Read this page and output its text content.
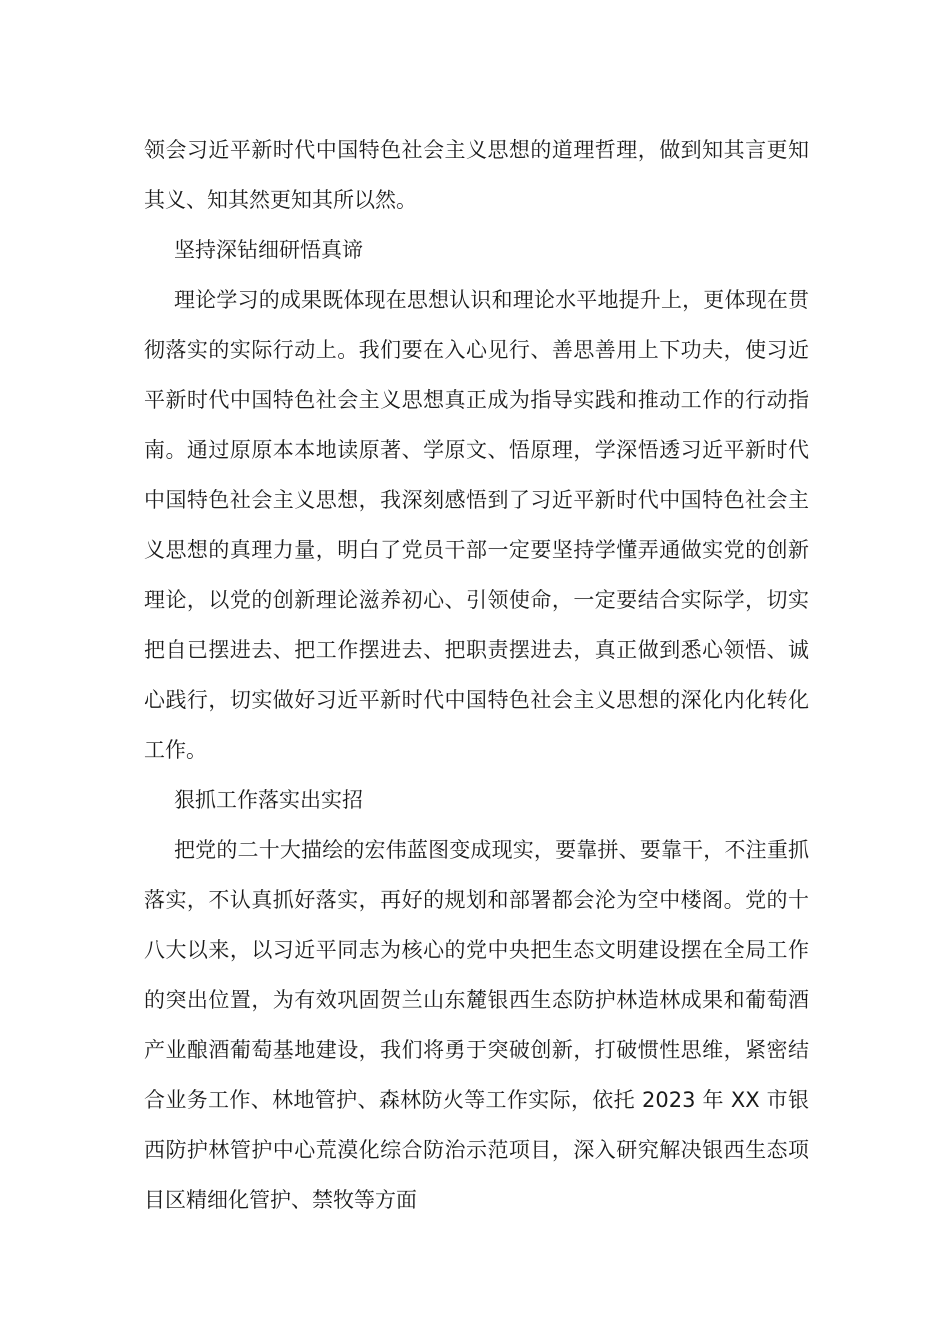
领会习近平新时代中国特色社会主义思想的道理哲理，做到知其言更知其义、知其然更知其所以然。

坚持深钻细研悟真谛

理论学习的成果既体现在思想认识和理论水平地提升上，更体现在贯彻落实的实际行动上。我们要在入心见行、善思善用上下功夫，使习近平新时代中国特色社会主义思想真正成为指导实践和推动工作的行动指南。通过原原本本地读原著、学原文、悟原理，学深悟透习近平新时代中国特色社会主义思想，我深刻感悟到了习近平新时代中国特色社会主义思想的真理力量，明白了党员干部一定要坚持学懂弄通做实党的创新理论，以党的创新理论滋养初心、引领使命，一定要结合实际学，切实把自已摆进去、把工作摆进去、把职责摆进去，真正做到悉心领悟、诚心践行，切实做好习近平新时代中国特色社会主义思想的深化内化转化工作。

狠抓工作落实出实招

把党的二十大描绘的宏伟蓝图变成现实，要靠拼、要靠干，不注重抓落实，不认真抓好落实，再好的规划和部署都会沦为空中楼阁。党的十八大以来，以习近平同志为核心的党中央把生态文明建设摆在全局工作的突出位置，为有效巩固贺兰山东麓银西生态防护林造林成果和葡萄酒产业酿酒葡萄基地建设，我们将勇于突破创新，打破惯性思维，紧密结合业务工作、林地管护、森林防火等工作实际，依托 2023 年 XX 市银西防护林管护中心荒漠化综合防治示范项目，深入研究解决银西生态项目区精细化管护、禁牧等方面
